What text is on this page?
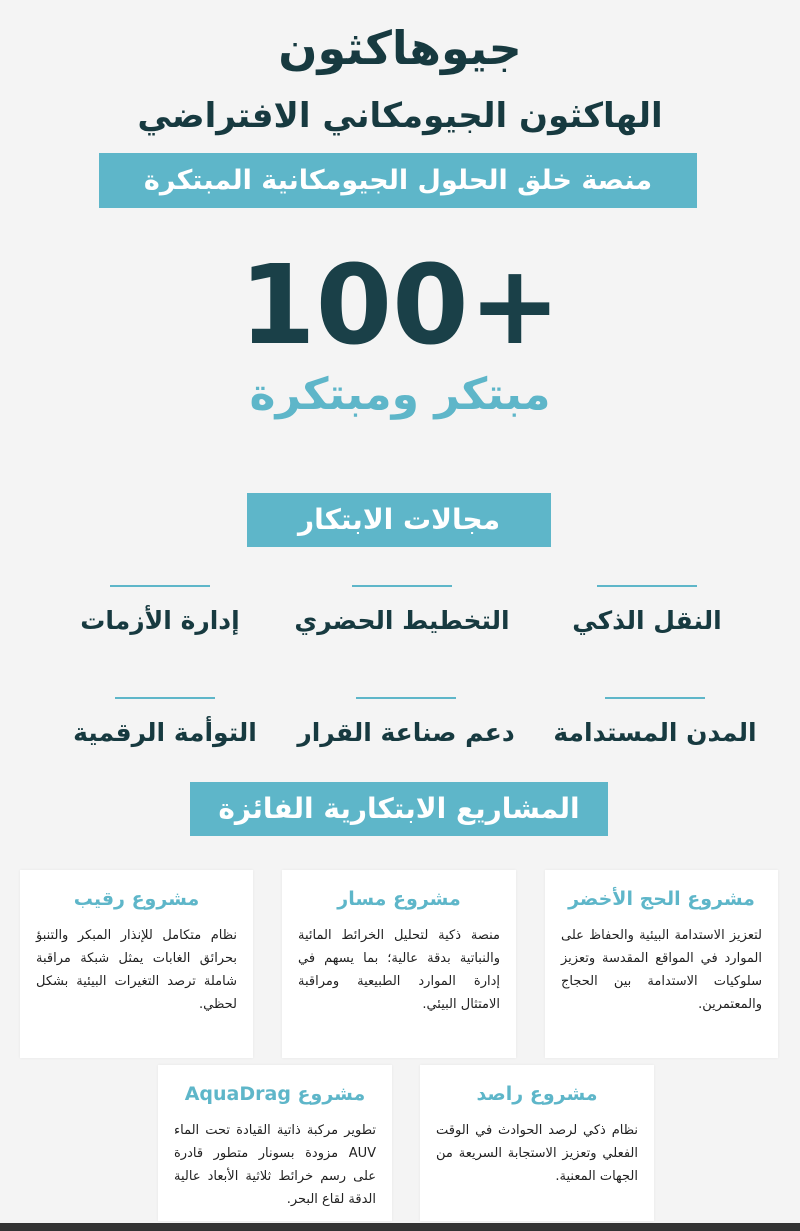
جيوهاكثون
الهاكثون الجيومكاني الافتراضي
منصة خلق الحلول الجيومكانية المبتكرة
100+
مبتكر ومبتكرة
مجالات الابتكار
النقل الذكي
التخطيط الحضري
إدارة الأزمات
المدن المستدامة
دعم صناعة القرار
التوأمة الرقمية
المشاريع الابتكارية الفائزة
مشروع الحج الأخضر
لتعزيز الاستدامة البيئية والحفاظ على الموارد في المواقع المقدسة وتعزيز سلوكيات الاستدامة بين الحجاج والمعتمرين.
مشروع مسار
منصة ذكية لتحليل الخرائط المائية والنباتية بدقة عالية؛ بما يسهم في إدارة الموارد الطبيعية ومراقبة الامتثال البيئي.
مشروع رقيب
نظام متكامل للإنذار المبكر والتنبؤ بحرائق الغابات يمثل شبكة مراقبة شاملة ترصد التغيرات البيئية بشكل لحظي.
مشروع راصد
نظام ذكي لرصد الحوادث في الوقت الفعلي وتعزيز الاستجابة السريعة من الجهات المعنية.
مشروع AquaDrag
تطوير مركبة ذاتية القيادة تحت الماء AUV مزودة بسونار متطور قادرة على رسم خرائط ثلاثية الأبعاد عالية الدقة لقاع البحر.
